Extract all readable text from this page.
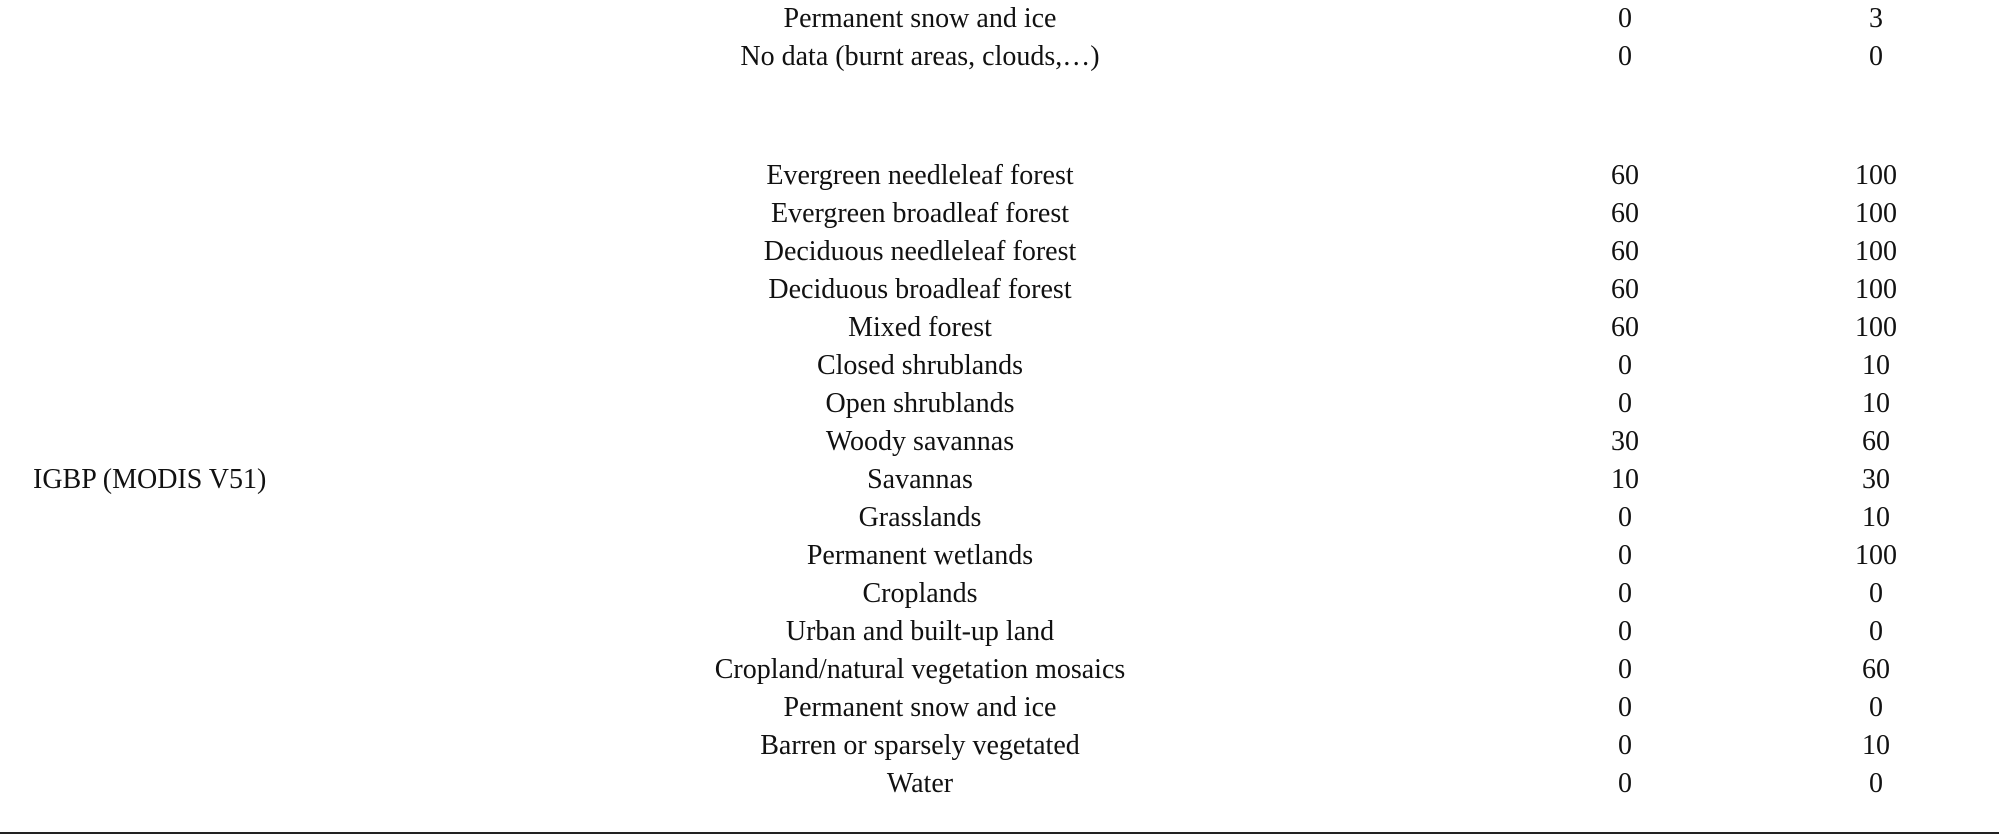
Permanent snow and ice	0	3
No data (burnt areas, clouds,…)	0	0
IGBP (MODIS V51)
Evergreen needleleaf forest	60	100
Evergreen broadleaf forest	60	100
Deciduous needleleaf forest	60	100
Deciduous broadleaf forest	60	100
Mixed forest	60	100
Closed shrublands	0	10
Open shrublands	0	10
Woody savannas	30	60
Savannas	10	30
Grasslands	0	10
Permanent wetlands	0	100
Croplands	0	0
Urban and built-up land	0	0
Cropland/natural vegetation mosaics	0	60
Permanent snow and ice	0	0
Barren or sparsely vegetated	0	10
Water	0	0
